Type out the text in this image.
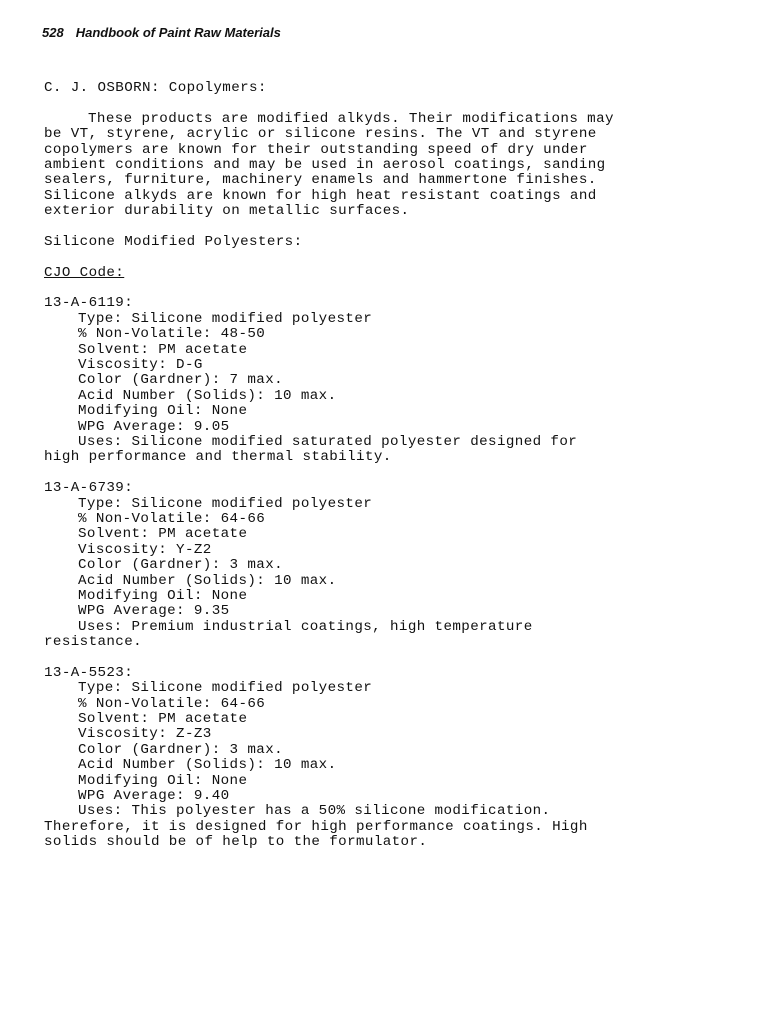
528 Handbook of Paint Raw Materials
C. J. OSBORN: Copolymers:
These products are modified alkyds. Their modifications may
be VT, styrene, acrylic or silicone resins. The VT and styrene
copolymers are known for their outstanding speed of dry under
ambient conditions and may be used in aerosol coatings, sanding
sealers, furniture, machinery enamels and hammertone finishes.
Silicone alkyds are known for high heat resistant coatings and
exterior durability on metallic surfaces.
Silicone Modified Polyesters:
CJO Code:
13-A-6119:
Type: Silicone modified polyester
% Non-Volatile: 48-50
Solvent: PM acetate
Viscosity: D-G
Color (Gardner): 7 max.
Acid Number (Solids): 10 max.
Modifying Oil: None
WPG Average: 9.05
Uses: Silicone modified saturated polyester designed for
high performance and thermal stability.
13-A-6739:
Type: Silicone modified polyester
% Non-Volatile: 64-66
Solvent: PM acetate
Viscosity: Y-Z2
Color (Gardner): 3 max.
Acid Number (Solids): 10 max.
Modifying Oil: None
WPG Average: 9.35
Uses: Premium industrial coatings, high temperature
resistance.
13-A-5523:
Type: Silicone modified polyester
% Non-Volatile: 64-66
Solvent: PM acetate
Viscosity: Z-Z3
Color (Gardner): 3 max.
Acid Number (Solids): 10 max.
Modifying Oil: None
WPG Average: 9.40
Uses: This polyester has a 50% silicone modification.
Therefore, it is designed for high performance coatings. High
solids should be of help to the formulator.
